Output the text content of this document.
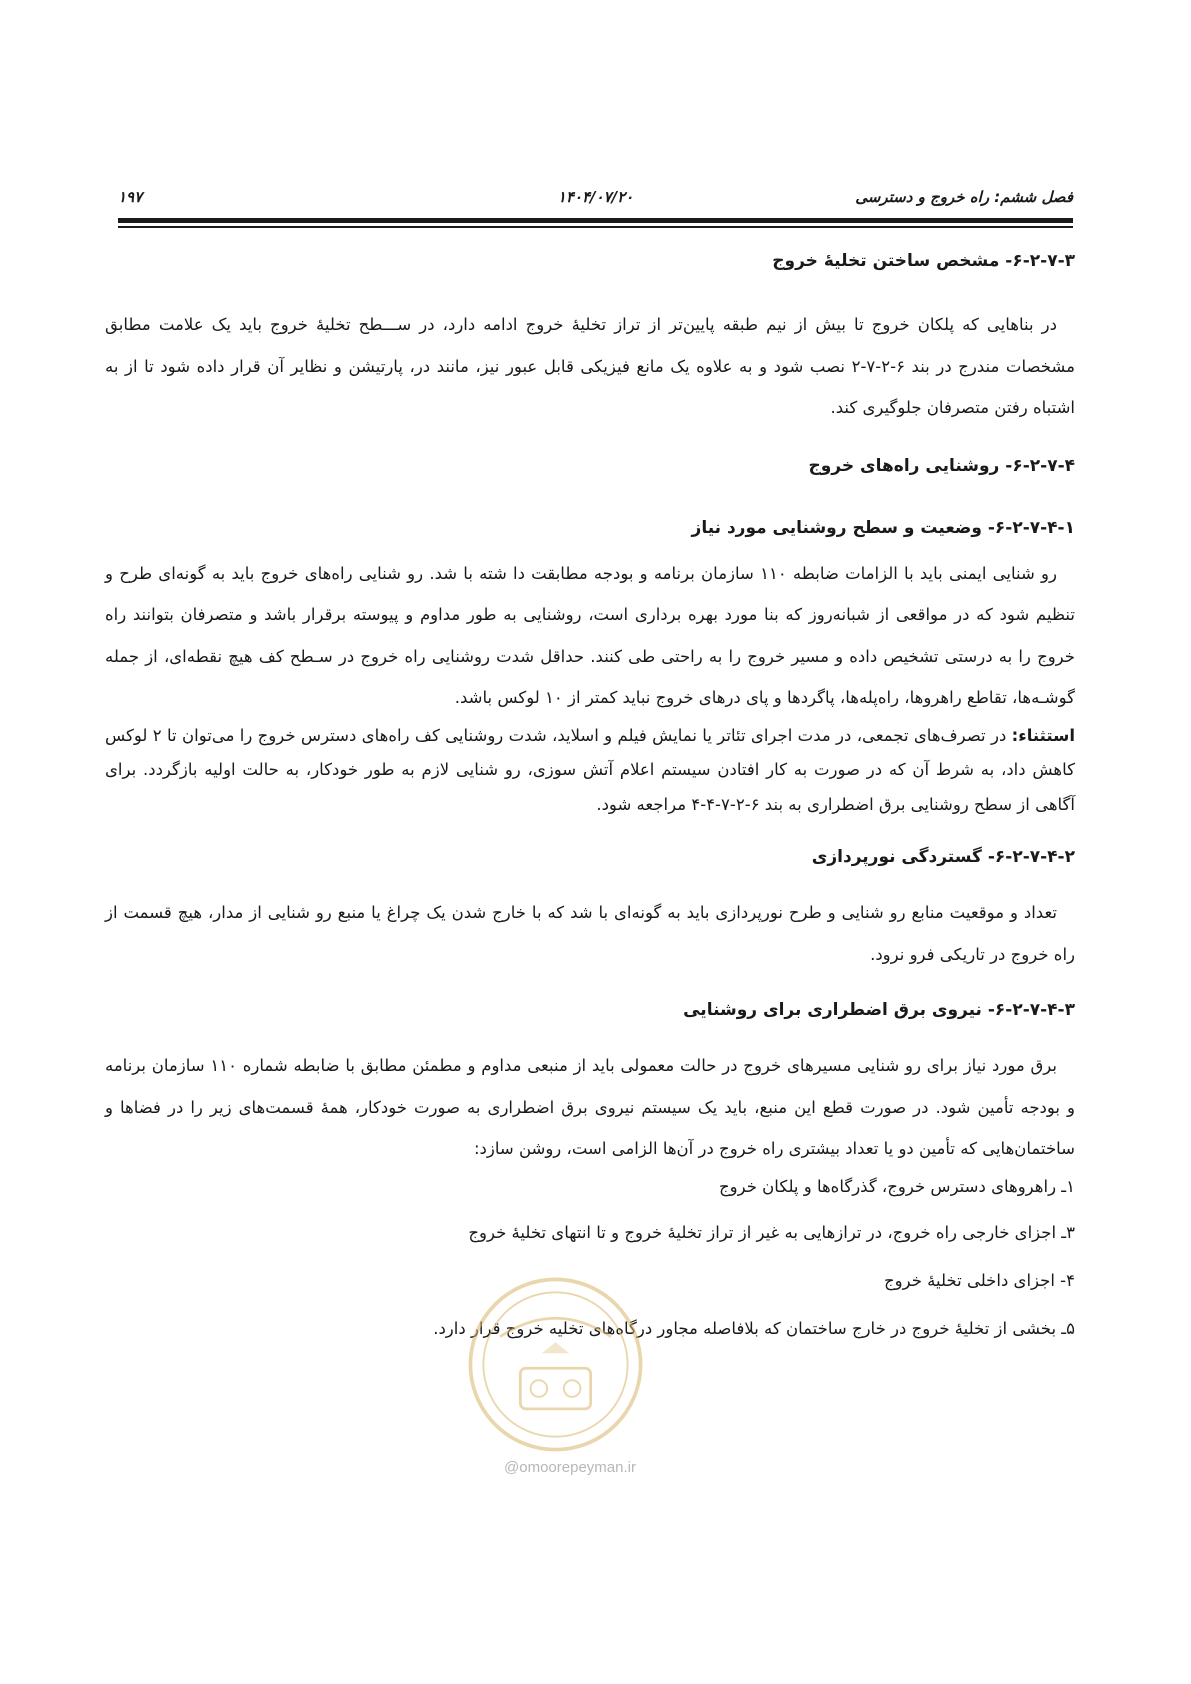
فصل ششم: راه خروج و دسترسی
۱۴۰۴/۰۷/۲۰
۱۹۷

۶-۲-۷-۳- مشخص ساختن تخلیهٔ خروج

در بناهایی که پلکان خروج تا بیش از نیم طبقه پایین‌تر از تراز تخلیهٔ خروج ادامه دارد، در ســـطح تخلیهٔ خروج باید یک علامت مطابق مشخصات مندرج در بند ۶-۲-۷-۲ نصب شود و به علاوه یک مانع فیزیکی قابل عبور نیز، مانند در، پارتیشن و نظایر آن قرار داده شود تا از به اشتباه رفتن متصرفان جلوگیری کند.

۶-۲-۷-۴- روشنایی راه‌های خروج

۶-۲-۷-۴-۱- وضعیت و سطح روشنایی مورد نیاز

رو شنایی ایمنی باید با الزامات ضابطه ۱۱۰ سازمان برنامه و بودجه مطابقت دا شته با شد. رو شنایی راه‌های خروج باید به گونه‌ای طرح و تنظیم شود که در مواقعی از شبانه‌روز که بنا مورد بهره برداری است، روشنایی به طور مداوم و پیوسته برقرار باشد و متصرفان بتوانند راه خروج را به درستی تشخیص داده و مسیر خروج را به راحتی طی کنند. حداقل شدت روشنایی راه خروج در سـطح کف هیچ نقطه‌ای، از جمله گوشـه‌ها، تقاطع راهروها، راه‌پله‌ها، پاگردها و پای درهای خروج نباید کمتر از ۱۰ لوکس باشد.

استثناء: در تصرف‌های تجمعی، در مدت اجرای تئاتر یا نمایش فیلم و اسلاید، شدت روشنایی کف راه‌های دسترس خروج را می‌توان تا ۲ لوکس کاهش داد، به شرط آن که در صورت به کار افتادن سیستم اعلام آتش سوزی، رو شنایی لازم به طور خودکار، به حالت اولیه بازگردد. برای آگاهی از سطح روشنایی برق اضطراری به بند ۶-۲-۷-۴-۴ مراجعه شود.

۶-۲-۷-۴-۲- گستردگی نورپردازی

تعداد و موقعیت منابع رو شنایی و طرح نورپردازی باید به گونه‌ای با شد که با خارج شدن یک چراغ یا منبع رو شنایی از مدار، هیچ قسمت از راه خروج در تاریکی فرو نرود.

۶-۲-۷-۴-۳- نیروی برق اضطراری برای روشنایی

برق مورد نیاز برای رو شنایی مسیرهای خروج در حالت معمولی باید از منبعی مداوم و مطمئن مطابق با ضابطه شماره ۱۱۰ سازمان برنامه و بودجه تأمین شود. در صورت قطع این منبع، باید یک سیستم نیروی برق اضطراری به صورت خودکار، همهٔ قسمت‌های زیر را در فضاها و ساختمان‌هایی که تأمین دو یا تعداد بیشتری راه خروج در آن‌ها الزامی است، روشن سازد:

۱ـ راهروهای دسترس خروج، گذرگاه‌ها و پلکان خروج

۳ـ اجزای خارجی راه خروج، در ترازهایی به غیر از تراز تخلیهٔ خروج و تا انتهای تخلیهٔ خروج

۴- اجزای داخلی تخلیهٔ خروج

۵ـ بخشی از تخلیهٔ خروج در خارج ساختمان که بلافاصله مجاور درگاه‌های تخلیه خروج قرار دارد.

@omoorepeyman.ir
